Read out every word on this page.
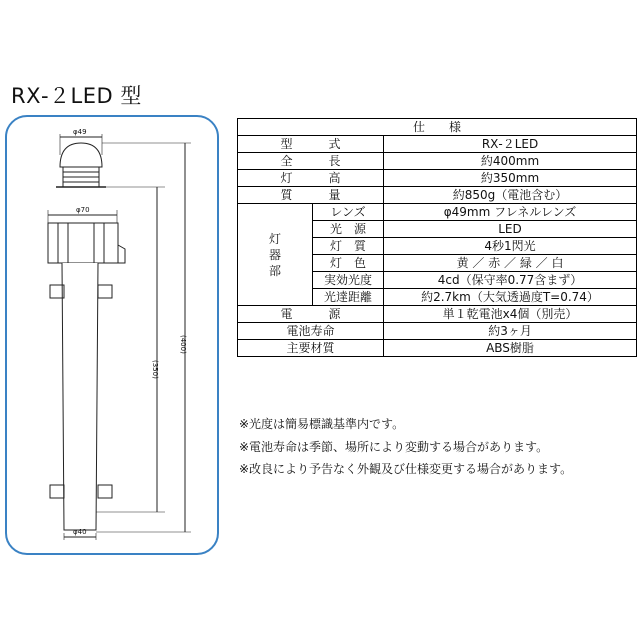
RX‐２LED 型
φ49
φ70
φ40
(350)
(400)
仕　　様		
型　　　式		RX‐２LED
全　　　長		約400mm
灯　　　高		約350mm
質　　　量		約850g（電池含む）

灯
器
部	レンズ	φ49mm フレネルレンズ
	光　源	LED
	灯　質	4秒1閃光
	灯　色	黄 ／ 赤 ／ 緑 ／ 白
	実効光度	4cd（保守率0.77含まず）
	光達距離	約2.7km（大気透過度T=0.74）
電　　　源		単１乾電池x4個（別売）
電池寿命		約3ヶ月
主要材質		ABS樹脂
※光度は簡易標識基準内です。
※電池寿命は季節、場所により変動する場合があります。
※改良により予告なく外観及び仕様変更する場合があります。
